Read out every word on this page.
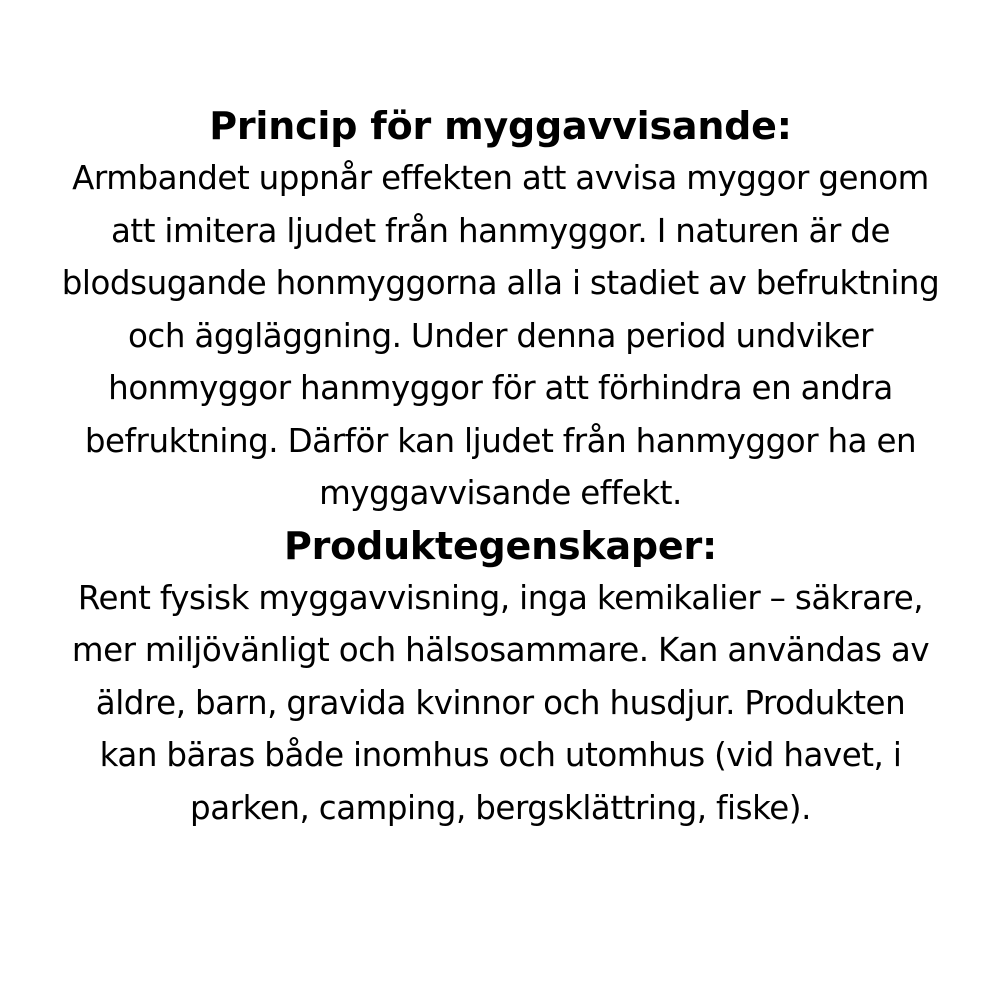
Princip för myggavvisande:

Armbandet uppnår effekten att avvisa myggor genom
att imitera ljudet från hanmyggor. I naturen är de
blodsugande honmyggorna alla i stadiet av befruktning
och äggläggning. Under denna period undviker
honmyggor hanmyggor för att förhindra en andra
befruktning. Därför kan ljudet från hanmyggor ha en
myggavvisande effekt.

Produktegenskaper:

Rent fysisk myggavvisning, inga kemikalier – säkrare,
mer miljövänligt och hälsosammare. Kan användas av
äldre, barn, gravida kvinnor och husdjur. Produkten
kan bäras både inomhus och utomhus (vid havet, i
parken, camping, bergsklättring, fiske).
